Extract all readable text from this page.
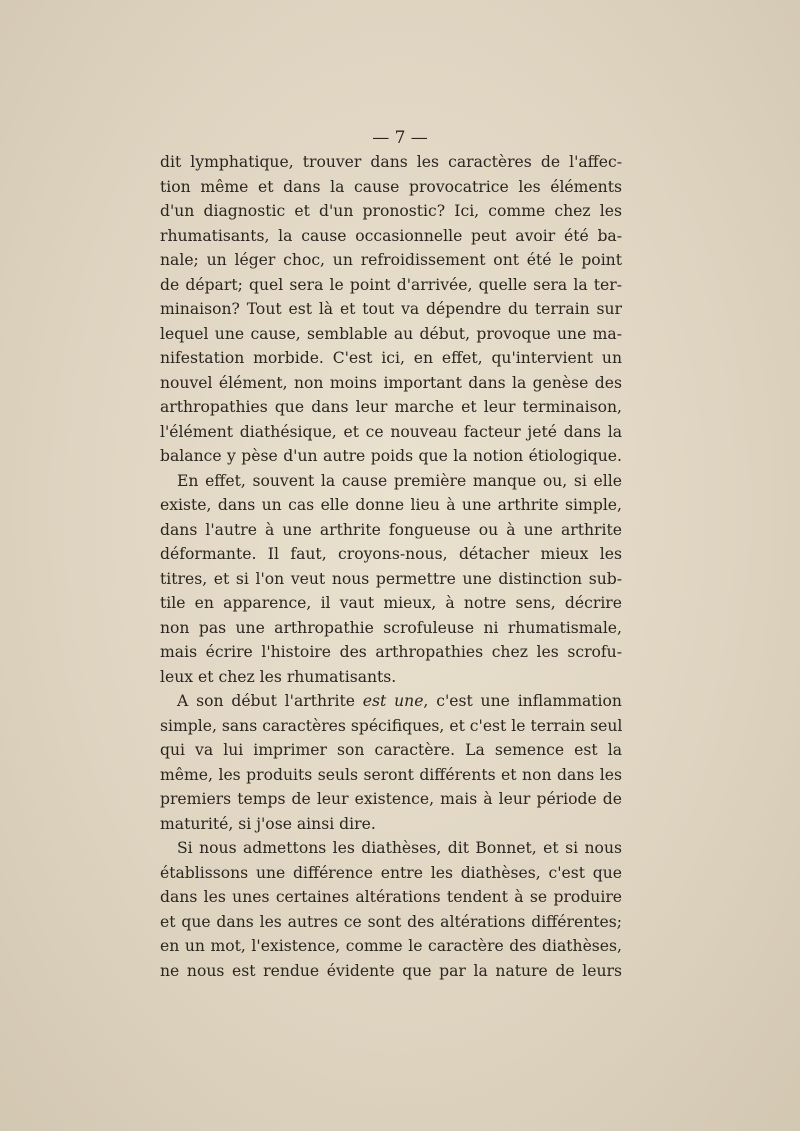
— 7 —
dit lymphatique, trouver dans les caractères de l'affec-
tion même et dans la cause provocatrice les éléments
d'un diagnostic et d'un pronostic? Ici, comme chez les
rhumatisants, la cause occasionnelle peut avoir été ba-
nale; un léger choc, un refroidissement ont été le point
de départ; quel sera le point d'arrivée, quelle sera la ter-
minaison? Tout est là et tout va dépendre du terrain sur
lequel une cause, semblable au début, provoque une ma-
nifestation morbide. C'est ici, en effet, qu'intervient un
nouvel élément, non moins important dans la genèse des
arthropathies que dans leur marche et leur terminaison,
l'élément diathésique, et ce nouveau facteur jeté dans la
balance y pèse d'un autre poids que la notion étiologique.
En effet, souvent la cause première manque ou, si elle
existe, dans un cas elle donne lieu à une arthrite simple,
dans l'autre à une arthrite fongueuse ou à une arthrite
déformante. Il faut, croyons-nous, détacher mieux les
titres, et si l'on veut nous permettre une distinction sub-
tile en apparence, il vaut mieux, à notre sens, décrire
non pas une arthropathie scrofuleuse ni rhumatismale,
mais écrire l'histoire des arthropathies chez les scrofu-
leux et chez les rhumatisants.
A son début l'arthrite est une, c'est une inflammation
simple, sans caractères spécifiques, et c'est le terrain seul
qui va lui imprimer son caractère. La semence est la
même, les produits seuls seront différents et non dans les
premiers temps de leur existence, mais à leur période de
maturité, si j'ose ainsi dire.
Si nous admettons les diathèses, dit Bonnet, et si nous
établissons une différence entre les diathèses, c'est que
dans les unes certaines altérations tendent à se produire
et que dans les autres ce sont des altérations différentes;
en un mot, l'existence, comme le caractère des diathèses,
ne nous est rendue évidente que par la nature de leurs
